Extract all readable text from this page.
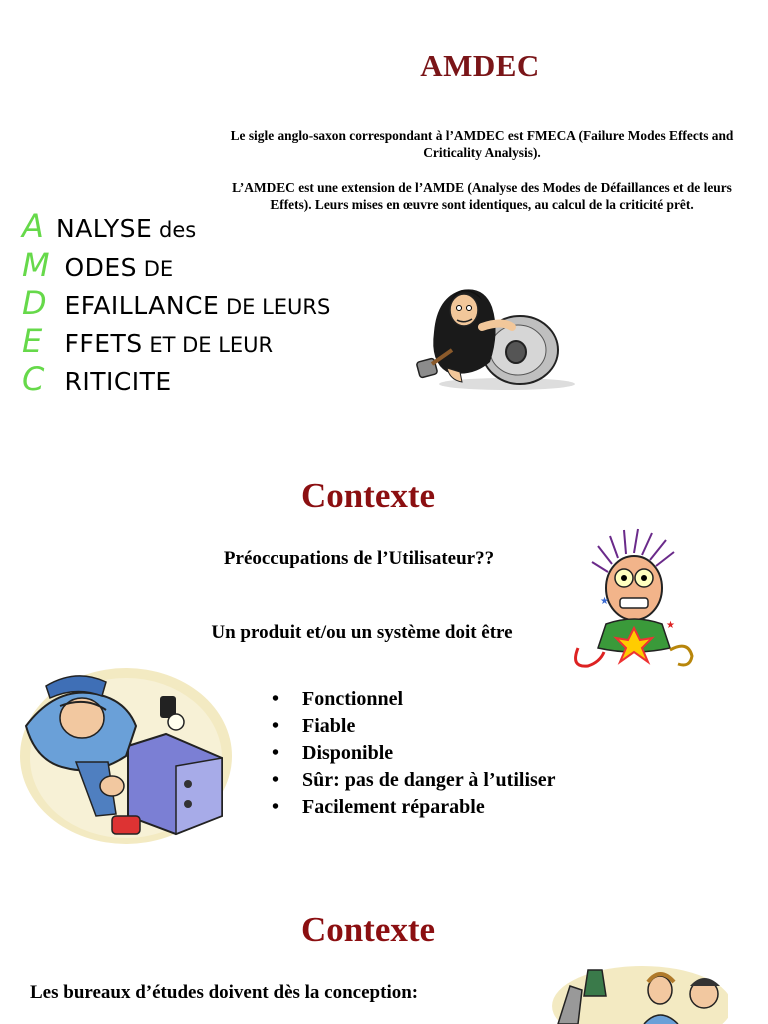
AMDEC
Le sigle anglo-saxon correspondant à l’AMDEC est FMECA (Failure Modes Effects and Criticality Analysis).
L’AMDEC est une extension de l’AMDE (Analyse des Modes de Défaillances et de leurs Effets). Leurs mises en œuvre sont identiques, au calcul de la criticité prêt.
A NALYSE des
M ODES DE
D EFAILLANCE DE LEURS
E FFETS ET DE LEUR
C RITICITE
Contexte
Préoccupations de l’Utilisateur??
Un produit et/ou un système doit être
• Fonctionnel
• Fiable
• Disponible
• Sûr: pas de danger à l’utiliser
• Facilement réparable
★
★
Contexte
Les bureaux d’études doivent dès la conception:
